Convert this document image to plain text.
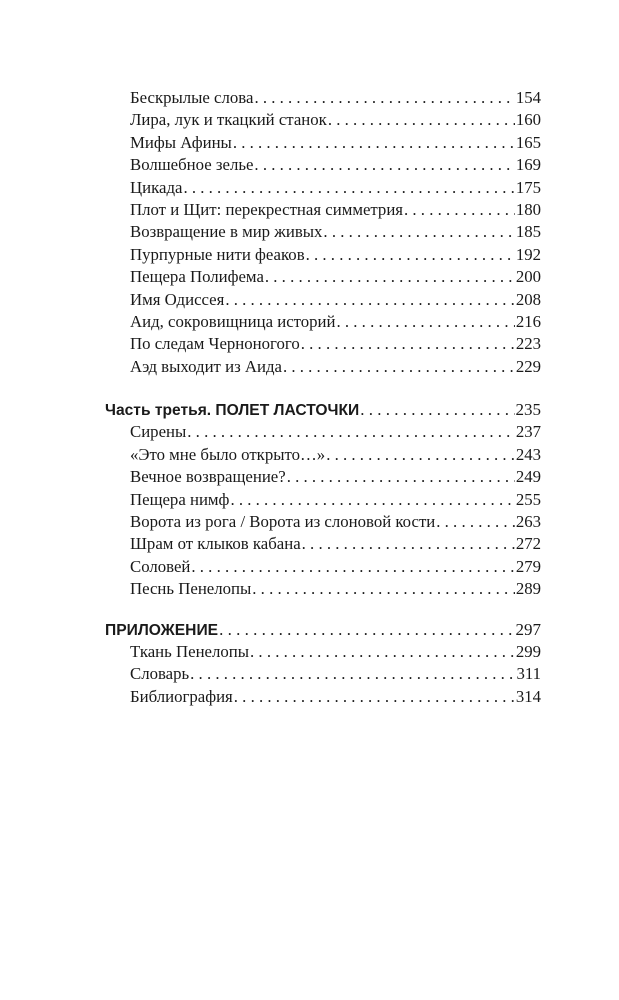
Бескрылые слова . . .	154
Лира, лук и ткацкий станок . . .	160
Мифы Афины . . .	165
Волшебное зелье . . .	169
Цикада . . .	175
Плот и Щит: перекрестная симметрия . . .	180
Возвращение в мир живых . . .	185
Пурпурные нити феаков . . .	192
Пещера Полифема . . .	200
Имя Одиссея . . .	208
Аид, сокровищница историй . . .	216
По следам Черноногого . . .	223
Аэд выходит из Аида . . .	229
Часть третья. ПОЛЕТ ЛАСТОЧКИ . . .	235
Сирены . . .	237
«Это мне было открыто…» . . .	243
Вечное возвращение? . . .	249
Пещера нимф . . .	255
Ворота из рога / Ворота из слоновой кости . . .	263
Шрам от клыков кабана . . .	272
Соловей . . .	279
Песнь Пенелопы . . .	289
ПРИЛОЖЕНИЕ . . .	297
Ткань Пенелопы . . .	299
Словарь . . .	311
Библиография . . .	314
